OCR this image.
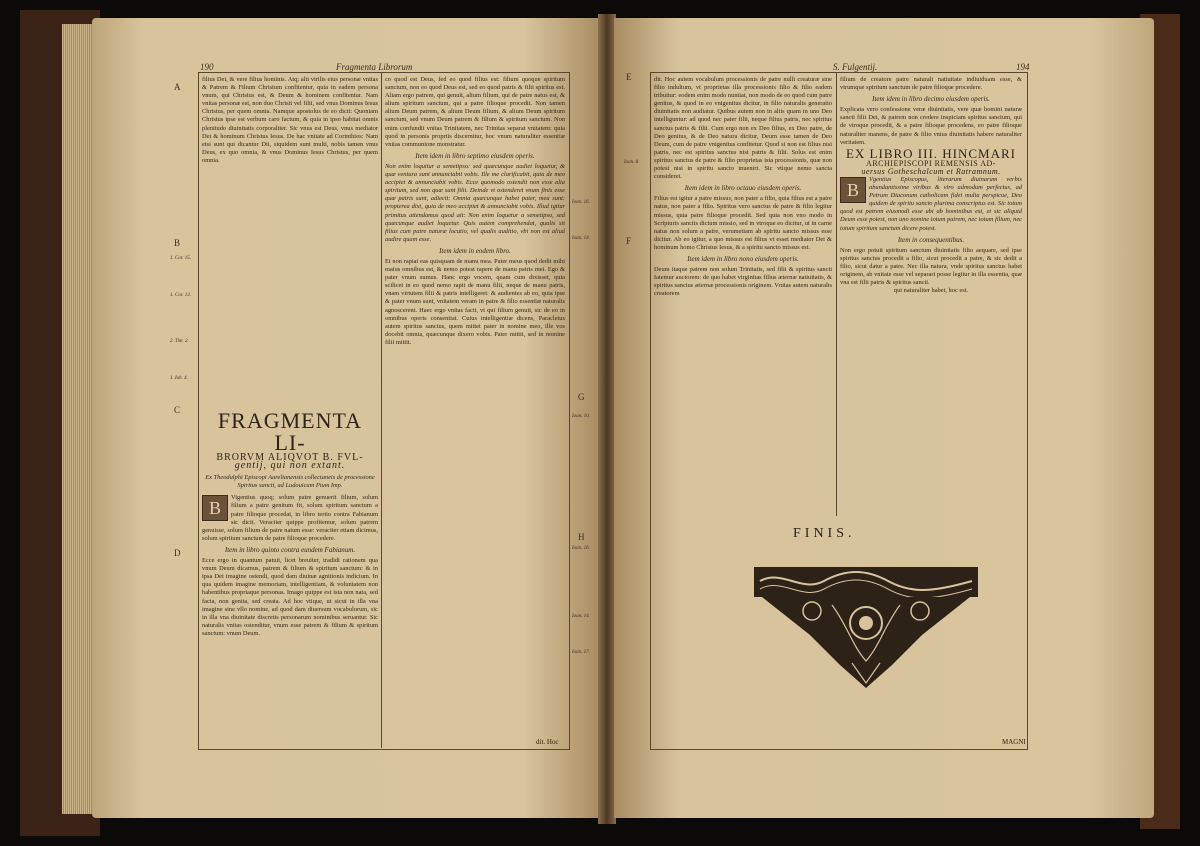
190	Fragmenta Librorum
A
B
C
D
1. Cor. 15.
1. Cor. 13.
2. Tim. 2.
1. Ioh. 4.
filius Dei, & vere filius hominis. Atq; alii virilis eius personæ vnitas & Patrem & Filium Christum confitentur, quia in eadem persona vnum, qui Christus est, & Deum & hominem confitentur. Nam vnitas personæ est, non duo Christi vel filii, sed vnus Dominus Iesus Christus, per quem omnia. Namque apostolus de eo dicit: Quoniam Christus ipse est verbum caro factum, & quia in ipso habitat omnis plenitudo diuinitatis corporaliter. Sic vnus est Deus, vnus mediator Dei & hominum Christus Iesus. De hac vnitate ad Corinthios: Nam etsi sunt qui dicantur Dii, siquidem sunt multi, nobis tamen vnus Deus, ex quo omnia, & vnus Dominus Iesus Christus, per quem omnia.
FRAGMENTA LI-
BRORVM ALIQVOT B. FVL-
gentij, qui non extant.
Ex Theodulphi Episcopi Aurelianensis collectaneis de processione Spiritus sancti, ad Ludouicum Pium Imp.
B
Vigentius quoq; solum patre genuerit filium, solum filium a patre genitum fit, solum spiritum sanctum a patre filioque procedat, in libro tertio contra Fabianum sic dicit. Veraciter quippe profitemur, solum patrem genuisse, solum filium de patre natum esse: veraciter etiam dicimus, solum spiritum sanctum de patre filioque procedere.
Item in libro quinto contra eundem Fabianum.
Ecce ergo in quantum patuit, licet breuiter, tradidi rationem qua vnum Deum dicamus, patrem & filium & spiritum sanctum: & in ipsa Dei imagine ostendi, quod dam diuinæ agnitionis indicium. In qua quidem imagine memoriam, intelligentiam, & voluntatem non habentibus propriaque personas. Imago quippe est ista non nata, sed facta, non genita, sed creata. Ad hoc vtique, ut sicut in illa vna imagine sine vllo nomine, ad quod dam diuersum vocabulorum, sic in illa vna diuinitate discretis personarum nominibus seruantur. Sic naturalis vnitas ostenditur, vnum esse patrem & filium & spiritum sanctum: vnum Deum.
co quod est Deus, fed eo quod filius est: filium quoque spiritum sanctum, non eo quod Deus est, sed eo quod patris & filii spiritus est. Aliam ergo patrem, qui genuit, alium filium, qui de patre natus est, & alium spiritum sanctum, qui a patre filioque procedit. Non tamen alium Deum patrem, & alium Deum filium, & alium Deum spiritum sanctum, sed vnum Deum patrem & filium & spiritum sanctum. Non enim confundit vnitas Trinitatem, nec Trinitas separat vnitatem: quia quod in personis propriis discernitur, hoc vnum naturaliter essentiæ vnitas communione monstratur.
Item idem in libro septimo eiusdem operis.
Non enim loquitur a semetipso: sed quæcunque audiet loquetur, & quæ ventura sunt annunciabit vobis. Ille me clarificabit, quia de meo accipiet & annunciabit vobis. Ecce quomodo ostendit non esse alia spiritum, sed non quæ sunt filii. Deinde vt ostenderet vnum finis esse quæ patris sunt, adiecit: Omnia quæcunque habet pater, mea sunt: propterea dixi, quia de meo accipiet & annunciabit vobis. Illud igitur primitus attendamus quod ait: Non enim loquetur a semetipso, sed quæcunque audiet loquetur. Quis autem comprehendat, qualis sit filius cum patre naturæ locutio, vel qualis auditio, vbi non est aliud audire quam esse.
Item idem in eodem libro.
Et non rapiat eas quisquam de manu mea. Pater meus quod dedit mihi maius omnibus est, & nemo potest rapere de manu patris mei. Ego & pater vnum sumus. Hanc ergo vocem, quam cum dixisset, quia scilicet in eo quod nemo rapit de manu filii, neque de manu patris, vnam virtutem filii & patris intelligeret: & audientes ab eo, quia ipse & pater vnum sunt, vnitatem veram in patre & filio essentiæ naturalis agnoscerent. Haec ergo vnitas facit, vt qui filium genuit, sic de eo in omnibus operis consentiat. Cuius intelligentiæ dicens, Paracletus autem spiritus sanctus, quem mittet pater in nomine meo, ille vos docebit omnia, quæcunque dixero vobis. Pater mittit, sed in nomine filii mittit.
dit. Hoc
S. Fulgentij.	194
E
F
G
H
Ioan. 8.
Ioan. 16.
Ioan. 14.
Ioan. 10.
Ioan. 16.
Ioan. 14.
Ioan. 17.
dit. Hoc autem vocabulum processionis de patre nulli creaturæ sine filio indultum, vt proprietas illa processionis filio & filio eadem tribuitur: eodem enim modo nuntiat, non modo de eo quod cum patre genitus, & quod in eo vnigenitus dicitur, in filio naturalis generatio diuinitatis non audiatur. Quibus autem non in aliis quam in uno Deo intelliguntur: ad quod nec pater filii, neque filius patris, nec spiritus sanctus patris & filii. Cum ergo non ex Deo filius, ex Deo patre, de Deo genitus, & de Deo natura dicitur, Deum esse tamen de Deo Deum, cum de patre vnigenitus confitetur. Quod si non est filius nisi patris, nec est spiritus sanctus nisi patris & filii. Solus est enim spiritus sanctus de patre & filio proprietas ista processionis, quæ non potest nisi in spiritu sancto inueniri. Sic vtique nemo sancta consideret.
Item idem in libro octauo eiusdem operis.
Filius est igitur a patre missus, non pater a filio, quia filius est a patre natus, non pater a filio. Spiritus vero sanctus de patre & filio legitur missus, quia patre filioque procedit. Sed quia non vno modo in Scripturis sanctis dictum missio, sed in vtroque eo dicitur, ut in carne natus non solum a patre, verumetiam ab spiritu sancto missus esse dicitur. Ab eo igitur, a quo missus est filius vt esset mediator Dei & hominum homo Christus Iesus, & a spiritu sancto missus est.
Item idem in libro nono eiusdem operis.
Deum itaque patrem non solum Trinitatis, sed filii & spiritus sancti fatemur auctorem: de quo habet virginitas filius æternæ natiuitatis, & spiritus sanctus æternæ processionis originem. Vnitas autem naturalis creatorem
filium de creatore patre naturali natiuitate indiuiduam esse, & vtrumque spiritum sanctum de patre filioque procedere.
Item idem in libro decimo eiusdem operis.
Explicata vero confessione veræ diuinitatis, vere quæ homini naturæ sancti filii Dei, & patrem non credere inspiciam spiritus sanctum, qui de vtroque procedit, & a patre filioque procedens, eo patre filioque naturaliter manens, de patre & filio vnius diuinitatis habere naturaliter veritatem.
EX LIBRO III. HINCMARI
ARCHIEPISCOPI REMENSIS AD-
uersus Gotheschalcum et Ratramnum.
B
Vgentius Episcopus, literarum diuinarum verbis abundantissime viribus & viro admodum perfectus, ad Petrum Diaconum catholicam fidei multa perspicue, Deo quidem de spiritu sancto plurima conscriptus est. Sic totum quod est patrem eiusmodi esse ubi ab hominibus est, et sic aliquid Deum esse potest, non uno nomine totum patrem, nec totum filium, nec totum spiritum sanctum dicere potest.
Item in consequentibus.
Non ergo potuit spiritum sanctum diuinitatis filio aequare, sed ipse spiritus sanctus procedit a filio, sicut procedit a patre, & sic dedit a filio, sicut datur a patre. Nec illa natura, vnde spiritus sanctus habet originem, ab vnitate esse vel separari posse legitur in illa essentia, quæ vna est filii patris & spiritus sancti.
qui naturaliter habet, hoc est.
FINIS.
MAGNI
